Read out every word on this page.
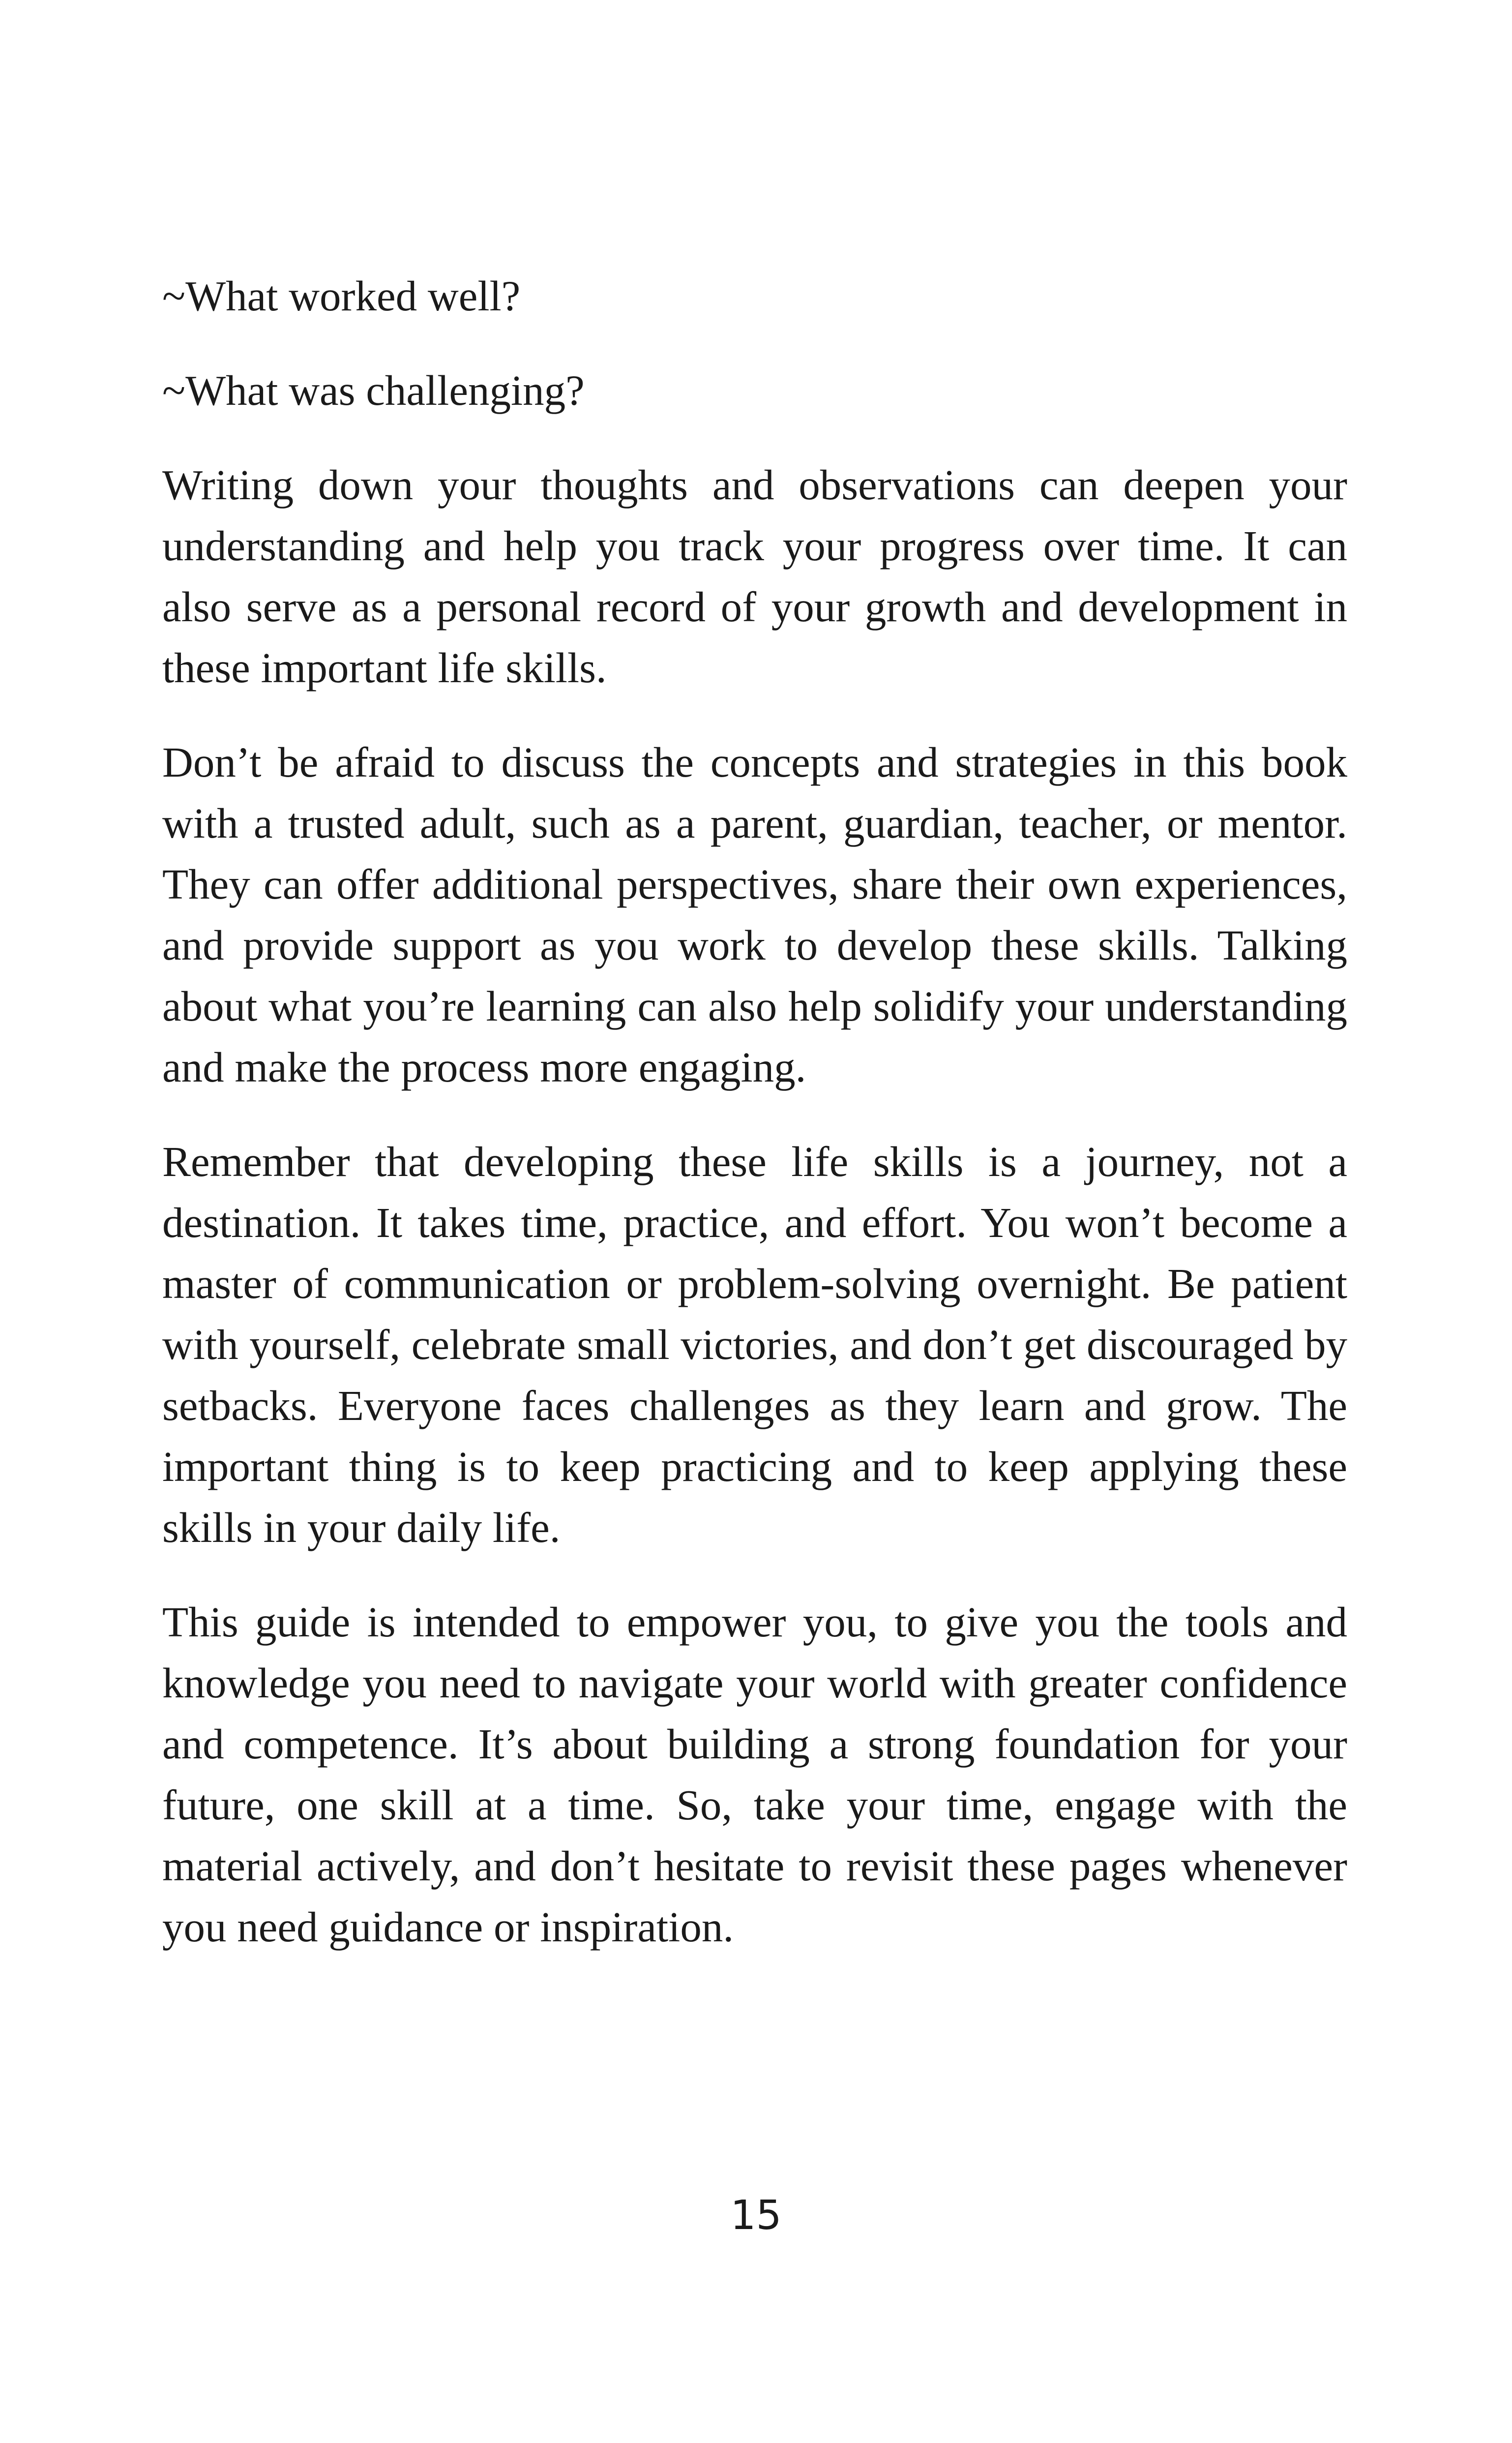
~What worked well?

~What was challenging?

Writing down your thoughts and observations can deepen your understanding and help you track your progress over time. It can also serve as a personal record of your growth and development in these important life skills.

Don’t be afraid to discuss the concepts and strategies in this book with a trusted adult, such as a parent, guardian, teacher, or mentor. They can offer additional perspectives, share their own experiences, and provide support as you work to develop these skills. Talking about what you’re learning can also help solidify your understanding and make the process more engaging.

Remember that developing these life skills is a journey, not a destination. It takes time, practice, and effort. You won’t become a master of communication or problem-solving overnight. Be patient with yourself, celebrate small victories, and don’t get discouraged by setbacks. Everyone faces challenges as they learn and grow. The important thing is to keep practicing and to keep applying these skills in your daily life.

This guide is intended to empower you, to give you the tools and knowledge you need to navigate your world with greater confidence and competence. It’s about building a strong foundation for your future, one skill at a time. So, take your time, engage with the material actively, and don’t hesitate to revisit these pages whenever you need guidance or inspiration.

15
